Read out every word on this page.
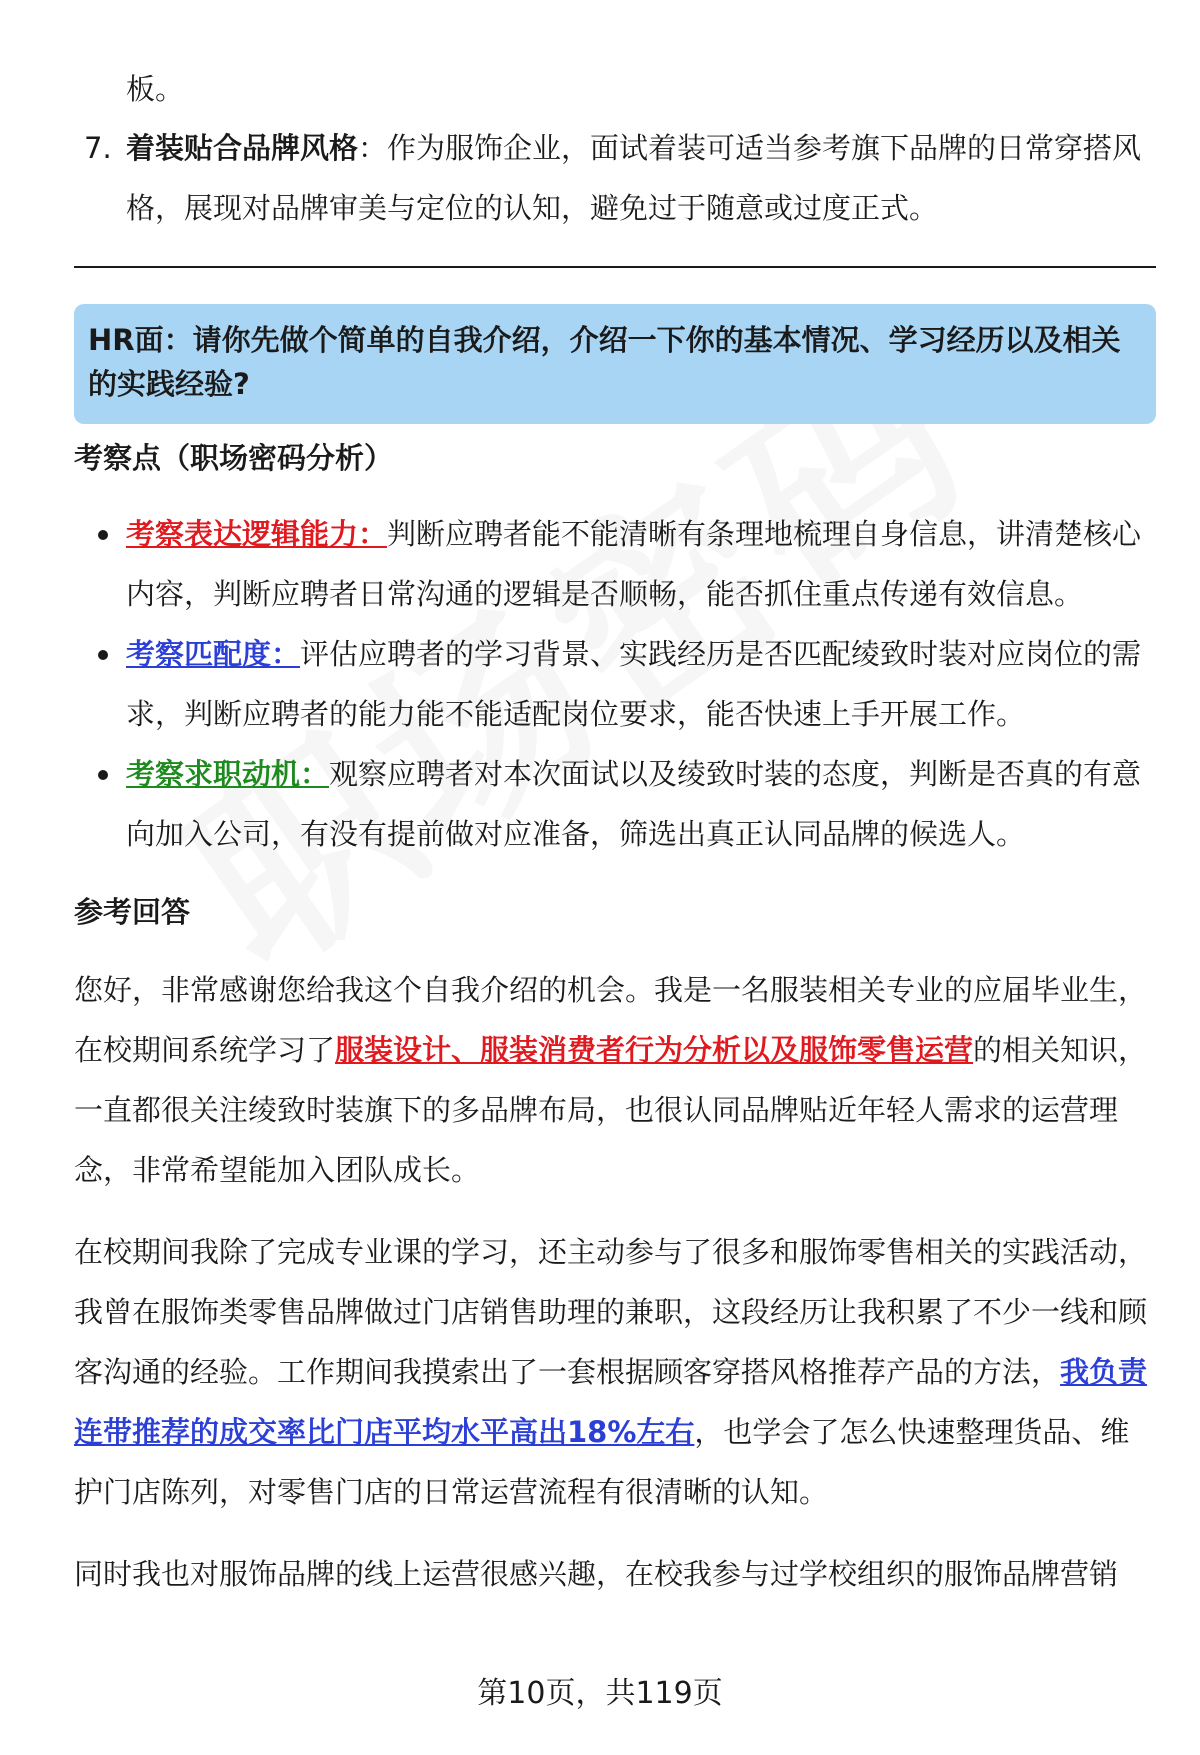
板。
7. 着装贴合品牌风格：作为服饰企业，面试着装可适当参考旗下品牌的日常穿搭风格，展现对品牌审美与定位的认知，避免过于随意或过度正式。
HR面：请你先做个简单的自我介绍，介绍一下你的基本情况、学习经历以及相关的实践经验?
考察点（职场密码分析）
考察表达逻辑能力：判断应聘者能不能清晰有条理地梳理自身信息，讲清楚核心内容，判断应聘者日常沟通的逻辑是否顺畅，能否抓住重点传递有效信息。
考察匹配度：评估应聘者的学习背景、实践经历是否匹配绫致时装对应岗位的需求，判断应聘者的能力能不能适配岗位要求，能否快速上手开展工作。
考察求职动机：观察应聘者对本次面试以及绫致时装的态度，判断是否真的有意向加入公司，有没有提前做对应准备，筛选出真正认同品牌的候选人。
参考回答

您好，非常感谢您给我这个自我介绍的机会。我是一名服装相关专业的应届毕业生，在校期间系统学习了服装设计、服装消费者行为分析以及服饰零售运营的相关知识，一直都很关注绫致时装旗下的多品牌布局，也很认同品牌贴近年轻人需求的运营理念，非常希望能加入团队成长。

在校期间我除了完成专业课的学习，还主动参与了很多和服饰零售相关的实践活动，我曾在服饰类零售品牌做过门店销售助理的兼职，这段经历让我积累了不少一线和顾客沟通的经验。工作期间我摸索出了一套根据顾客穿搭风格推荐产品的方法，我负责连带推荐的成交率比门店平均水平高出18%左右，也学会了怎么快速整理货品、维护门店陈列，对零售门店的日常运营流程有很清晰的认知。

同时我也对服饰品牌的线上运营很感兴趣，在校我参与过学校组织的服饰品牌营销

第10页，共119页
